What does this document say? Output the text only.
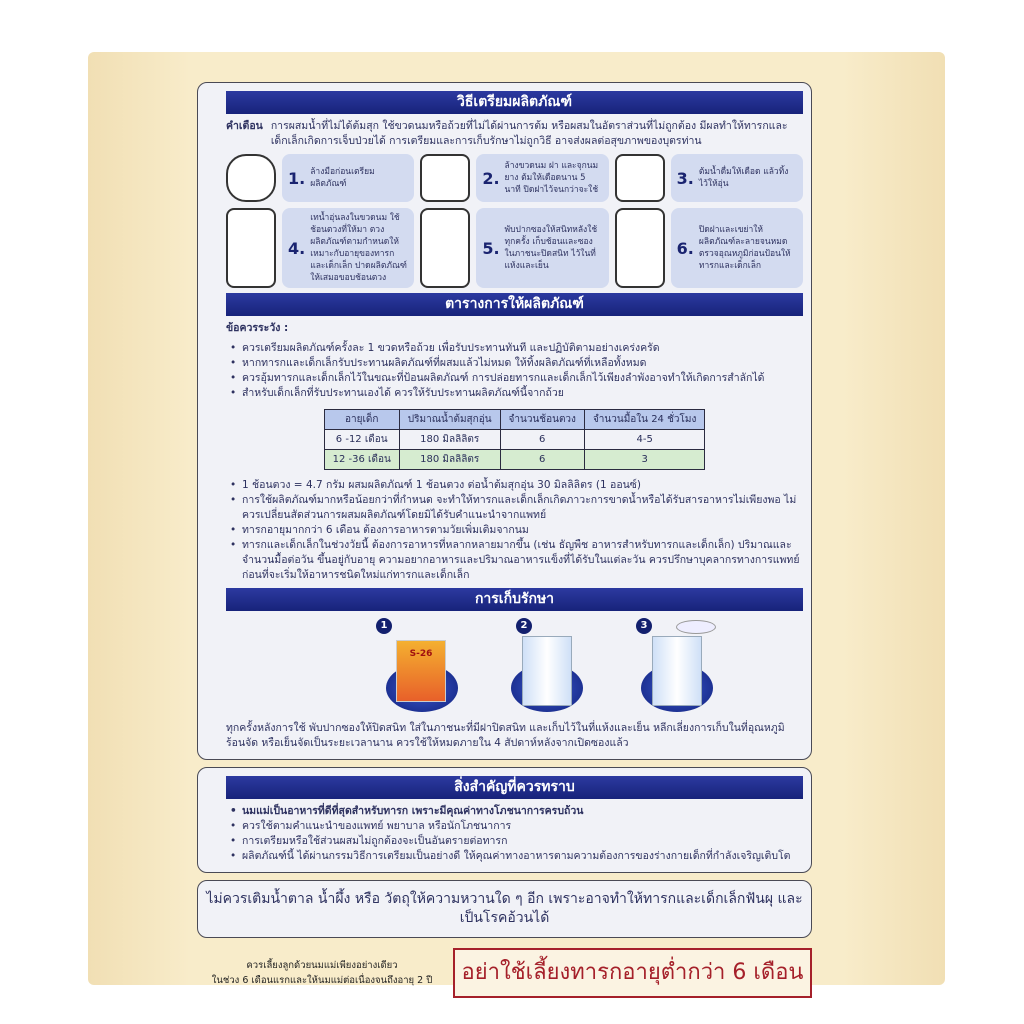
วิธีเตรียมผลิตภัณฑ์
คำเตือน การผสมน้ำที่ไม่ได้ต้มสุก ใช้ขวดนมหรือถ้วยที่ไม่ได้ผ่านการต้ม หรือผสมในอัตราส่วนที่ไม่ถูกต้อง มีผลทำให้ทารกและเด็กเล็กเกิดการเจ็บป่วยได้ การเตรียมและการเก็บรักษาไม่ถูกวิธี อาจส่งผลต่อสุขภาพของบุตรท่าน
1. ล้างมือก่อนเตรียมผลิตภัณฑ์	2.
ล้างขวดนม ฝา และจุกนมยาง ต้มให้เดือดนาน 5 นาที ปิดฝาไว้จนกว่าจะใช้
3. ต้มน้ำดื่มให้เดือด แล้วทิ้งไว้ให้อุ่น
4.
เทน้ำอุ่นลงในขวดนม ใช้ช้อนตวงที่ให้มา ตวงผลิตภัณฑ์ตามกำหนดให้เหมาะกับอายุของทารกและเด็กเล็ก ปาดผลิตภัณฑ์ให้เสมอขอบช้อนตวง
5.
พับปากซองให้สนิทหลังใช้ทุกครั้ง เก็บช้อนและซองในภาชนะปิดสนิท ไว้ในที่แห้งและเย็น
6.
ปิดฝาและเขย่าให้ผลิตภัณฑ์ละลายจนหมด ตรวจอุณหภูมิก่อนป้อนให้ทารกและเด็กเล็ก
ตารางการให้ผลิตภัณฑ์
ข้อควรระวัง :
• ควรเตรียมผลิตภัณฑ์ครั้งละ 1 ขวดหรือถ้วย เพื่อรับประทานทันที และปฏิบัติตามอย่างเคร่งครัด
• หากทารกและเด็กเล็กรับประทานผลิตภัณฑ์ที่ผสมแล้วไม่หมด ให้ทิ้งผลิตภัณฑ์ที่เหลือทั้งหมด
• ควรอุ้มทารกและเด็กเล็กไว้ในขณะที่ป้อนผลิตภัณฑ์ การปล่อยทารกและเด็กเล็กไว้เพียงลำพังอาจทำให้เกิดการสำลักได้
• สำหรับเด็กเล็กที่รับประทานเองได้ ควรให้รับประทานผลิตภัณฑ์นี้จากถ้วย
อายุเด็ก	ปริมาณน้ำต้มสุกอุ่น	จำนวนช้อนตวง	จำนวนมื้อใน 24 ชั่วโมง
6 -12 เดือน	180 มิลลิลิตร	6	4-5
12 -36 เดือน	180 มิลลิลิตร	6	3
• 1 ช้อนตวง = 4.7 กรัม ผสมผลิตภัณฑ์ 1 ช้อนตวง ต่อน้ำต้มสุกอุ่น 30 มิลลิลิตร (1 ออนซ์)
• การใช้ผลิตภัณฑ์มากหรือน้อยกว่าที่กำหนด จะทำให้ทารกและเด็กเล็กเกิดภาวะการขาดน้ำหรือได้รับสารอาหารไม่เพียงพอ ไม่ควรเปลี่ยนสัดส่วนการผสมผลิตภัณฑ์โดยมิได้รับคำแนะนำจากแพทย์
• ทารกอายุมากกว่า 6 เดือน ต้องการอาหารตามวัยเพิ่มเติมจากนม
• ทารกและเด็กเล็กในช่วงวัยนี้ ต้องการอาหารที่หลากหลายมากขึ้น (เช่น ธัญพืช อาหารสำหรับทารกและเด็กเล็ก) ปริมาณและจำนวนมื้อต่อวัน ขึ้นอยู่กับอายุ ความอยากอาหารและปริมาณอาหารแข็งที่ได้รับในแต่ละวัน ควรปรึกษาบุคลากรทางการแพทย์ ก่อนที่จะเริ่มให้อาหารชนิดใหม่แก่ทารกและเด็กเล็ก
การเก็บรักษา
1	2	3
S-26
ทุกครั้งหลังการใช้ พับปากซองให้ปิดสนิท ใส่ในภาชนะที่มีฝาปิดสนิท และเก็บไว้ในที่แห้งและเย็น หลีกเลี่ยงการเก็บในที่อุณหภูมิร้อนจัด หรือเย็นจัดเป็นระยะเวลานาน ควรใช้ให้หมดภายใน 4 สัปดาห์หลังจากเปิดซองแล้ว
สิ่งสำคัญที่ควรทราบ
• นมแม่เป็นอาหารที่ดีที่สุดสำหรับทารก เพราะมีคุณค่าทางโภชนาการครบถ้วน
• ควรใช้ตามคำแนะนำของแพทย์ พยาบาล หรือนักโภชนาการ
• การเตรียมหรือใช้ส่วนผสมไม่ถูกต้องจะเป็นอันตรายต่อทารก
• ผลิตภัณฑ์นี้ ได้ผ่านกรรมวิธีการเตรียมเป็นอย่างดี ให้คุณค่าทางอาหารตามความต้องการของร่างกายเด็กที่กำลังเจริญเติบโต
ไม่ควรเติมน้ำตาล น้ำผึ้ง หรือ วัตถุให้ความหวานใด ๆ อีก เพราะอาจทำให้ทารกและเด็กเล็กฟันผุ และเป็นโรคอ้วนได้
ควรเลี้ยงลูกด้วยนมแม่เพียงอย่างเดียว
ในช่วง 6 เดือนแรกและให้นมแม่ต่อเนื่องจนถึงอายุ 2 ปี	อย่าใช้เลี้ยงทารกอายุต่ำกว่า 6 เดือน
